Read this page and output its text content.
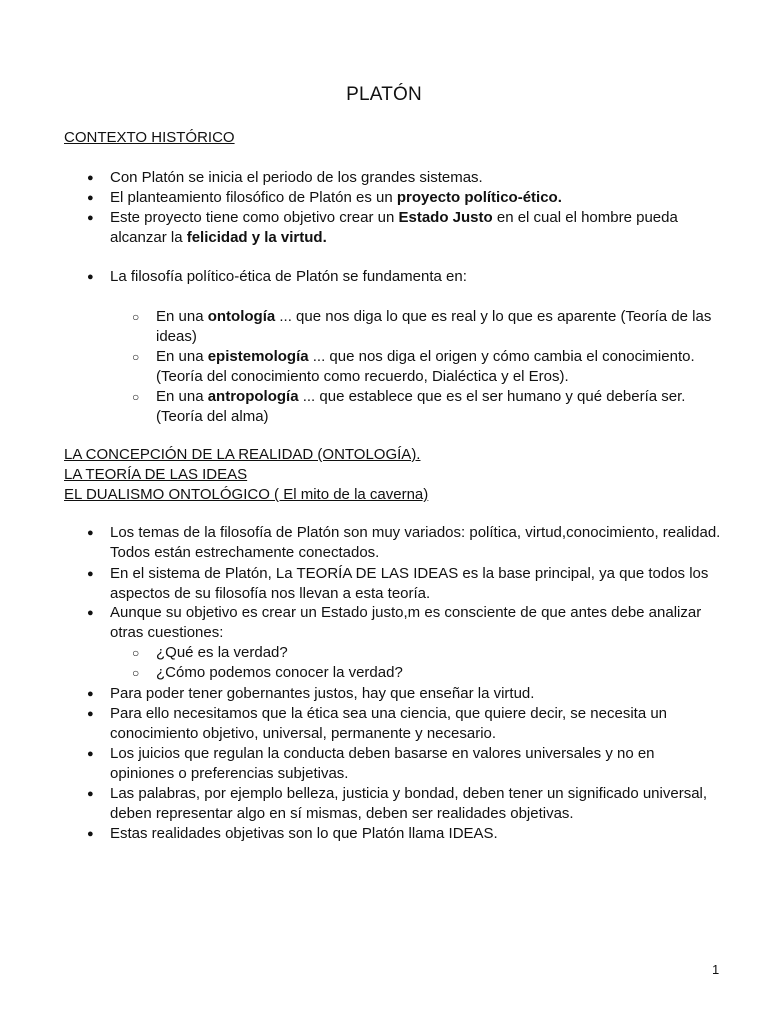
PLATÓN
CONTEXTO HISTÓRICO
● Con Platón se inicia el periodo de los grandes sistemas.
● El planteamiento filosófico de Platón es un proyecto político-ético.
● Este proyecto tiene como objetivo crear un Estado Justo en el cual el hombre pueda alcanzar la felicidad y la virtud.
● La filosofía político-ética de Platón se fundamenta en:
○ En una ontología ... que nos diga lo que es real y lo que es aparente (Teoría de las ideas)
○ En una epistemología ... que nos diga el origen y cómo cambia el conocimiento. (Teoría del conocimiento como recuerdo, Dialéctica y el Eros).
○ En una antropología ... que establece que es el ser humano y qué debería ser. (Teoría del alma)
LA CONCEPCIÓN DE LA REALIDAD (ONTOLOGÍA).
LA TEORÍA DE LAS IDEAS
EL DUALISMO ONTOLÓGICO ( El mito de la caverna)
● Los temas de la filosofía de Platón son muy variados: política, virtud,conocimiento, realidad. Todos están estrechamente conectados.
● En el sistema de Platón, La TEORÍA DE LAS IDEAS es la base principal, ya que todos los aspectos de su filosofía nos llevan a esta teoría.
● Aunque su objetivo es crear un Estado justo,m es consciente de que antes debe analizar otras cuestiones:
○ ¿Qué es la verdad?
○ ¿Cómo podemos conocer la verdad?
● Para poder tener gobernantes justos, hay que enseñar la virtud.
● Para ello necesitamos que la ética sea una ciencia, que quiere decir, se necesita un conocimiento objetivo, universal, permanente y necesario.
● Los juicios que regulan la conducta deben basarse en valores universales y no en opiniones o preferencias subjetivas.
● Las palabras, por ejemplo belleza, justicia y bondad, deben tener un significado universal, deben representar algo en sí mismas, deben ser realidades objetivas.
● Estas realidades objetivas son lo que Platón llama IDEAS.
1
